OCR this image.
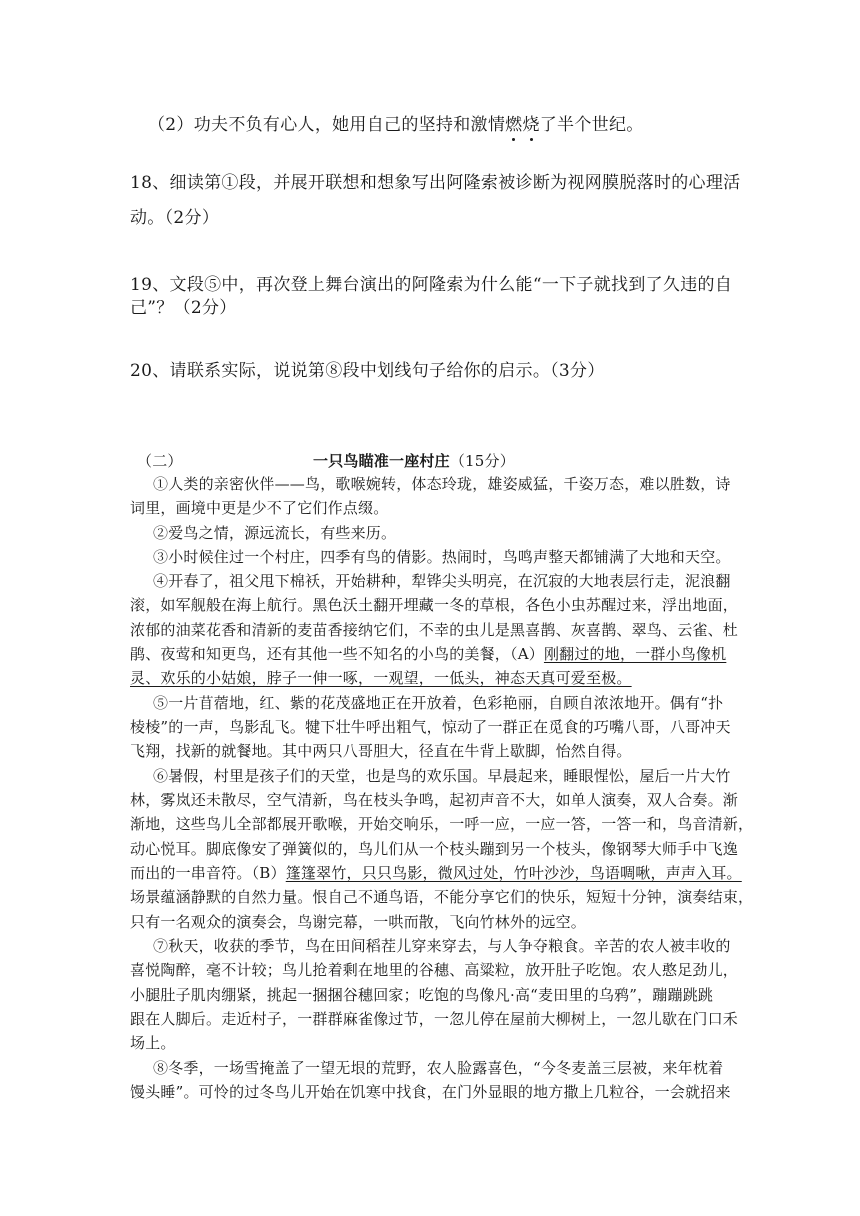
（2）功夫不负有心人，她用自己的坚持和激情燃烧了半个世纪。
18、细读第①段，并展开联想和想象写出阿隆索被诊断为视网膜脱落时的心理活
动。（2分）
19、文段⑤中，再次登上舞台演出的阿隆索为什么能“一下子就找到了久违的自
己”？（2分）
20、请联系实际，说说第⑧段中划线句子给你的启示。（3分）
（二）	一只鸟瞄准一座村庄（15分）
①人类的亲密伙伴——鸟，歌喉婉转，体态玲珑，雄姿威猛，千姿万态，难以胜数，诗
词里，画境中更是少不了它们作点缀。
②爱鸟之情，源远流长，有些来历。
③小时候住过一个村庄，四季有鸟的倩影。热闹时，鸟鸣声整天都铺满了大地和天空。
④开春了，祖父甩下棉袄，开始耕种，犁铧尖头明亮，在沉寂的大地表层行走，泥浪翻
滚，如军舰般在海上航行。黑色沃土翻开埋藏一冬的草根，各色小虫苏醒过来，浮出地面，
浓郁的油菜花香和清新的麦苗香接纳它们，不幸的虫儿是黑喜鹊、灰喜鹊、翠鸟、云雀、杜
鹃、夜莺和知更鸟，还有其他一些不知名的小鸟的美餐，（A）刚翻过的地，一群小鸟像机
灵、欢乐的小姑娘，脖子一伸一啄，一观望，一低头，神态天真可爱至极。
⑤一片苜蓿地，红、紫的花茂盛地正在开放着，色彩艳丽，自顾自浓浓地开。偶有“扑
棱棱”的一声，鸟影乱飞。犍下壮牛呼出粗气，惊动了一群正在觅食的巧嘴八哥，八哥冲天
飞翔，找新的就餐地。其中两只八哥胆大，径直在牛背上歇脚，怡然自得。
⑥暑假，村里是孩子们的天堂，也是鸟的欢乐国。早晨起来，睡眼惺忪，屋后一片大竹
林，雾岚还未散尽，空气清新，鸟在枝头争鸣，起初声音不大，如单人演奏，双人合奏。渐
渐地，这些鸟儿全部都展开歌喉，开始交响乐，一呼一应，一应一答，一答一和，鸟音清新，
动心悦耳。脚底像安了弹簧似的，鸟儿们从一个枝头蹦到另一个枝头，像钢琴大师手中飞逸
而出的一串音符。（B）篷篷翠竹，只只鸟影，微风过处，竹叶沙沙，鸟语啁啾，声声入耳。
场景蕴涵静默的自然力量。恨自己不通鸟语，不能分享它们的快乐，短短十分钟，演奏结束，
只有一名观众的演奏会，鸟谢完幕，一哄而散，飞向竹林外的远空。
⑦秋天，收获的季节，鸟在田间稻茬儿穿来穿去，与人争夺粮食。辛苦的农人被丰收的
喜悦陶醉，毫不计较；鸟儿抢着剩在地里的谷穗、高粱粒，放开肚子吃饱。农人憨足劲儿，
小腿肚子肌肉绷紧，挑起一捆捆谷穗回家；吃饱的鸟像凡·高“麦田里的乌鸦”，蹦蹦跳跳
跟在人脚后。走近村子，一群群麻雀像过节，一忽儿停在屋前大柳树上，一忽儿歇在门口禾
场上。
⑧冬季，一场雪掩盖了一望无垠的荒野，农人脸露喜色，“今冬麦盖三层被，来年枕着
馒头睡”。可怜的过冬鸟儿开始在饥寒中找食，在门外显眼的地方撒上几粒谷，一会就招来
